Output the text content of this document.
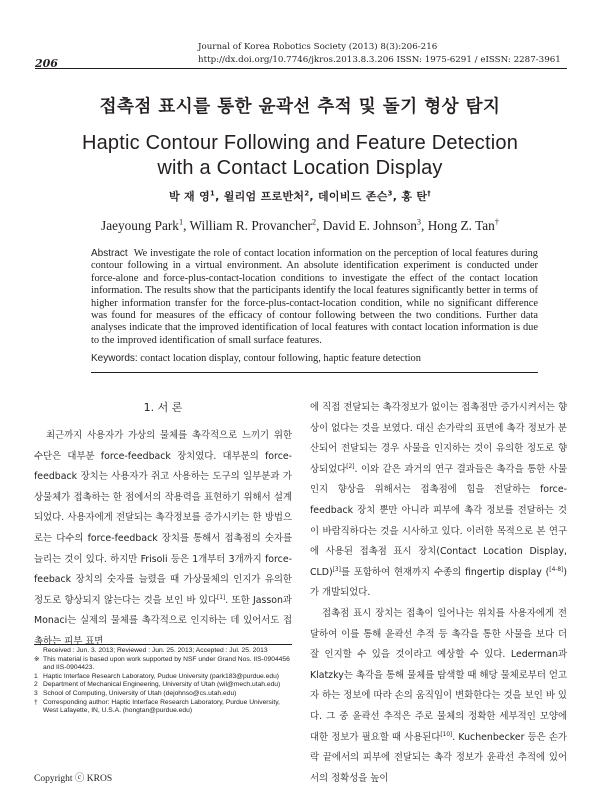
206
Journal of Korea Robotics Society (2013) 8(3):206-216
http://dx.doi.org/10.7746/jkros.2013.8.3.206 ISSN: 1975-6291 / eISSN: 2287-3961
접촉점 표시를 통한 윤곽선 추적 및 돌기 형상 탐지
Haptic Contour Following and Feature Detection
with a Contact Location Display
박 재 영$^1$, 윌리엄 프로반처$^2$, 데이비드 존슨$^3$, 홍 탄†
Jaeyoung Park$^1$, William R. Provancher$^2$, David E. Johnson$^3$, Hong Z. Tan†
Abstract We investigate the role of contact location information on the perception of local features during contour following in a virtual environment. An absolute identification experiment is conducted under force-alone and force-plus-contact-location conditions to investigate the effect of the contact location information. The results show that the participants identify the local features significantly better in terms of higher information transfer for the force-plus-contact-location condition, while no significant difference was found for measures of the efficacy of contour following between the two conditions. Further data analyses indicate that the improved identification of local features with contact location information is due to the improved identification of small surface features.
Keywords: contact location display, contour following, haptic feature detection
1. 서 론

최근까지 사용자가 가상의 물체를 촉각적으로 느끼기 위한 수단은 대부분 force-feedback 장치였다. 대부분의 force-feedback 장치는 사용자가 쥐고 사용하는 도구의 일부분과 가상물체가 접촉하는 한 점에서의 작용력을 표현하기 위해서 설계되었다. 사용자에게 전달되는 촉각정보를 증가시키는 한 방법으로는 다수의 force-feedback 장치를 통해서 접촉점의 숫자를 늘리는 것이 있다. 하지만 Frisoli 등은 1개부터 3개까지 force-feeback 장치의 숫자를 늘렸을 때 가상물체의 인지가 유의한 정도로 향상되지 않는다는 것을 보인 바 있다[1]. 또한 Jasson과 Monaci는 실제의 물체를 촉각적으로 인지하는 데 있어서도 접촉하는 피부 표면

에 직접 전달되는 촉각정보가 없이는 접촉점만 증가시켜서는 향상이 없다는 것을 보였다. 대신 손가락의 표면에 촉각 정보가 분산되어 전달되는 경우 사물을 인지하는 것이 유의한 정도로 향상되었다[2]. 이와 같은 과거의 연구 결과들은 촉각을 통한 사물 인지 향상을 위해서는 접촉점에 힘을 전달하는 force-feedback 장치 뿐만 아니라 피부에 촉각 정보를 전달하는 것이 바람직하다는 것을 시사하고 있다. 이러한 목적으로 본 연구에 사용된 접촉점 표시 장치(Contact Location Display, CLD)[3]를 포함하여 현재까지 수종의 fingertip display ([4-8])가 개발되었다.

접촉점 표시 장치는 접촉이 일어나는 위치를 사용자에게 전달하여 이를 통해 윤곽선 추적 등 촉각을 통한 사물을 보다 더 잘 인지할 수 있을 것이라고 예상할 수 있다. Lederman과 Klatzky는 촉각을 통해 물체를 탐색할 때 해당 물체로부터 얻고자 하는 정보에 따라 손의 움직임이 변화한다는 것을 보인 바 있다. 그 중 윤곽선 추적은 주로 물체의 정확한 세부적인 모양에 대한 정보가 필요할 때 사용된다[10]. Kuchenbecker 등은 손가락 끝에서의 피부에 전달되는 촉각 정보가 윤곽선 추적에 있어서의 정확성을 높이

Received : Jun. 3. 2013; Reviewed : Jun. 25. 2013; Accepted : Jul. 25. 2013
※ This material is based upon work supported by NSF under Grand Nos. IIS-0904456 and IIS-0904423.
1 Haptic Interface Research Laboratory, Pudue University (park183@purdue.edu)
2 Department of Mechanical Engineering, University of Utah (wil@mech.utah.edu)
3 School of Computing, University of Utah (dejohnso@cs.utah.edu)
† Corresponding author: Haptic Interface Research Laboratory, Purdue University, West Lafayette, IN, U.S.A. (hongtan@purdue.edu)
Copyright ⓒ KROS
